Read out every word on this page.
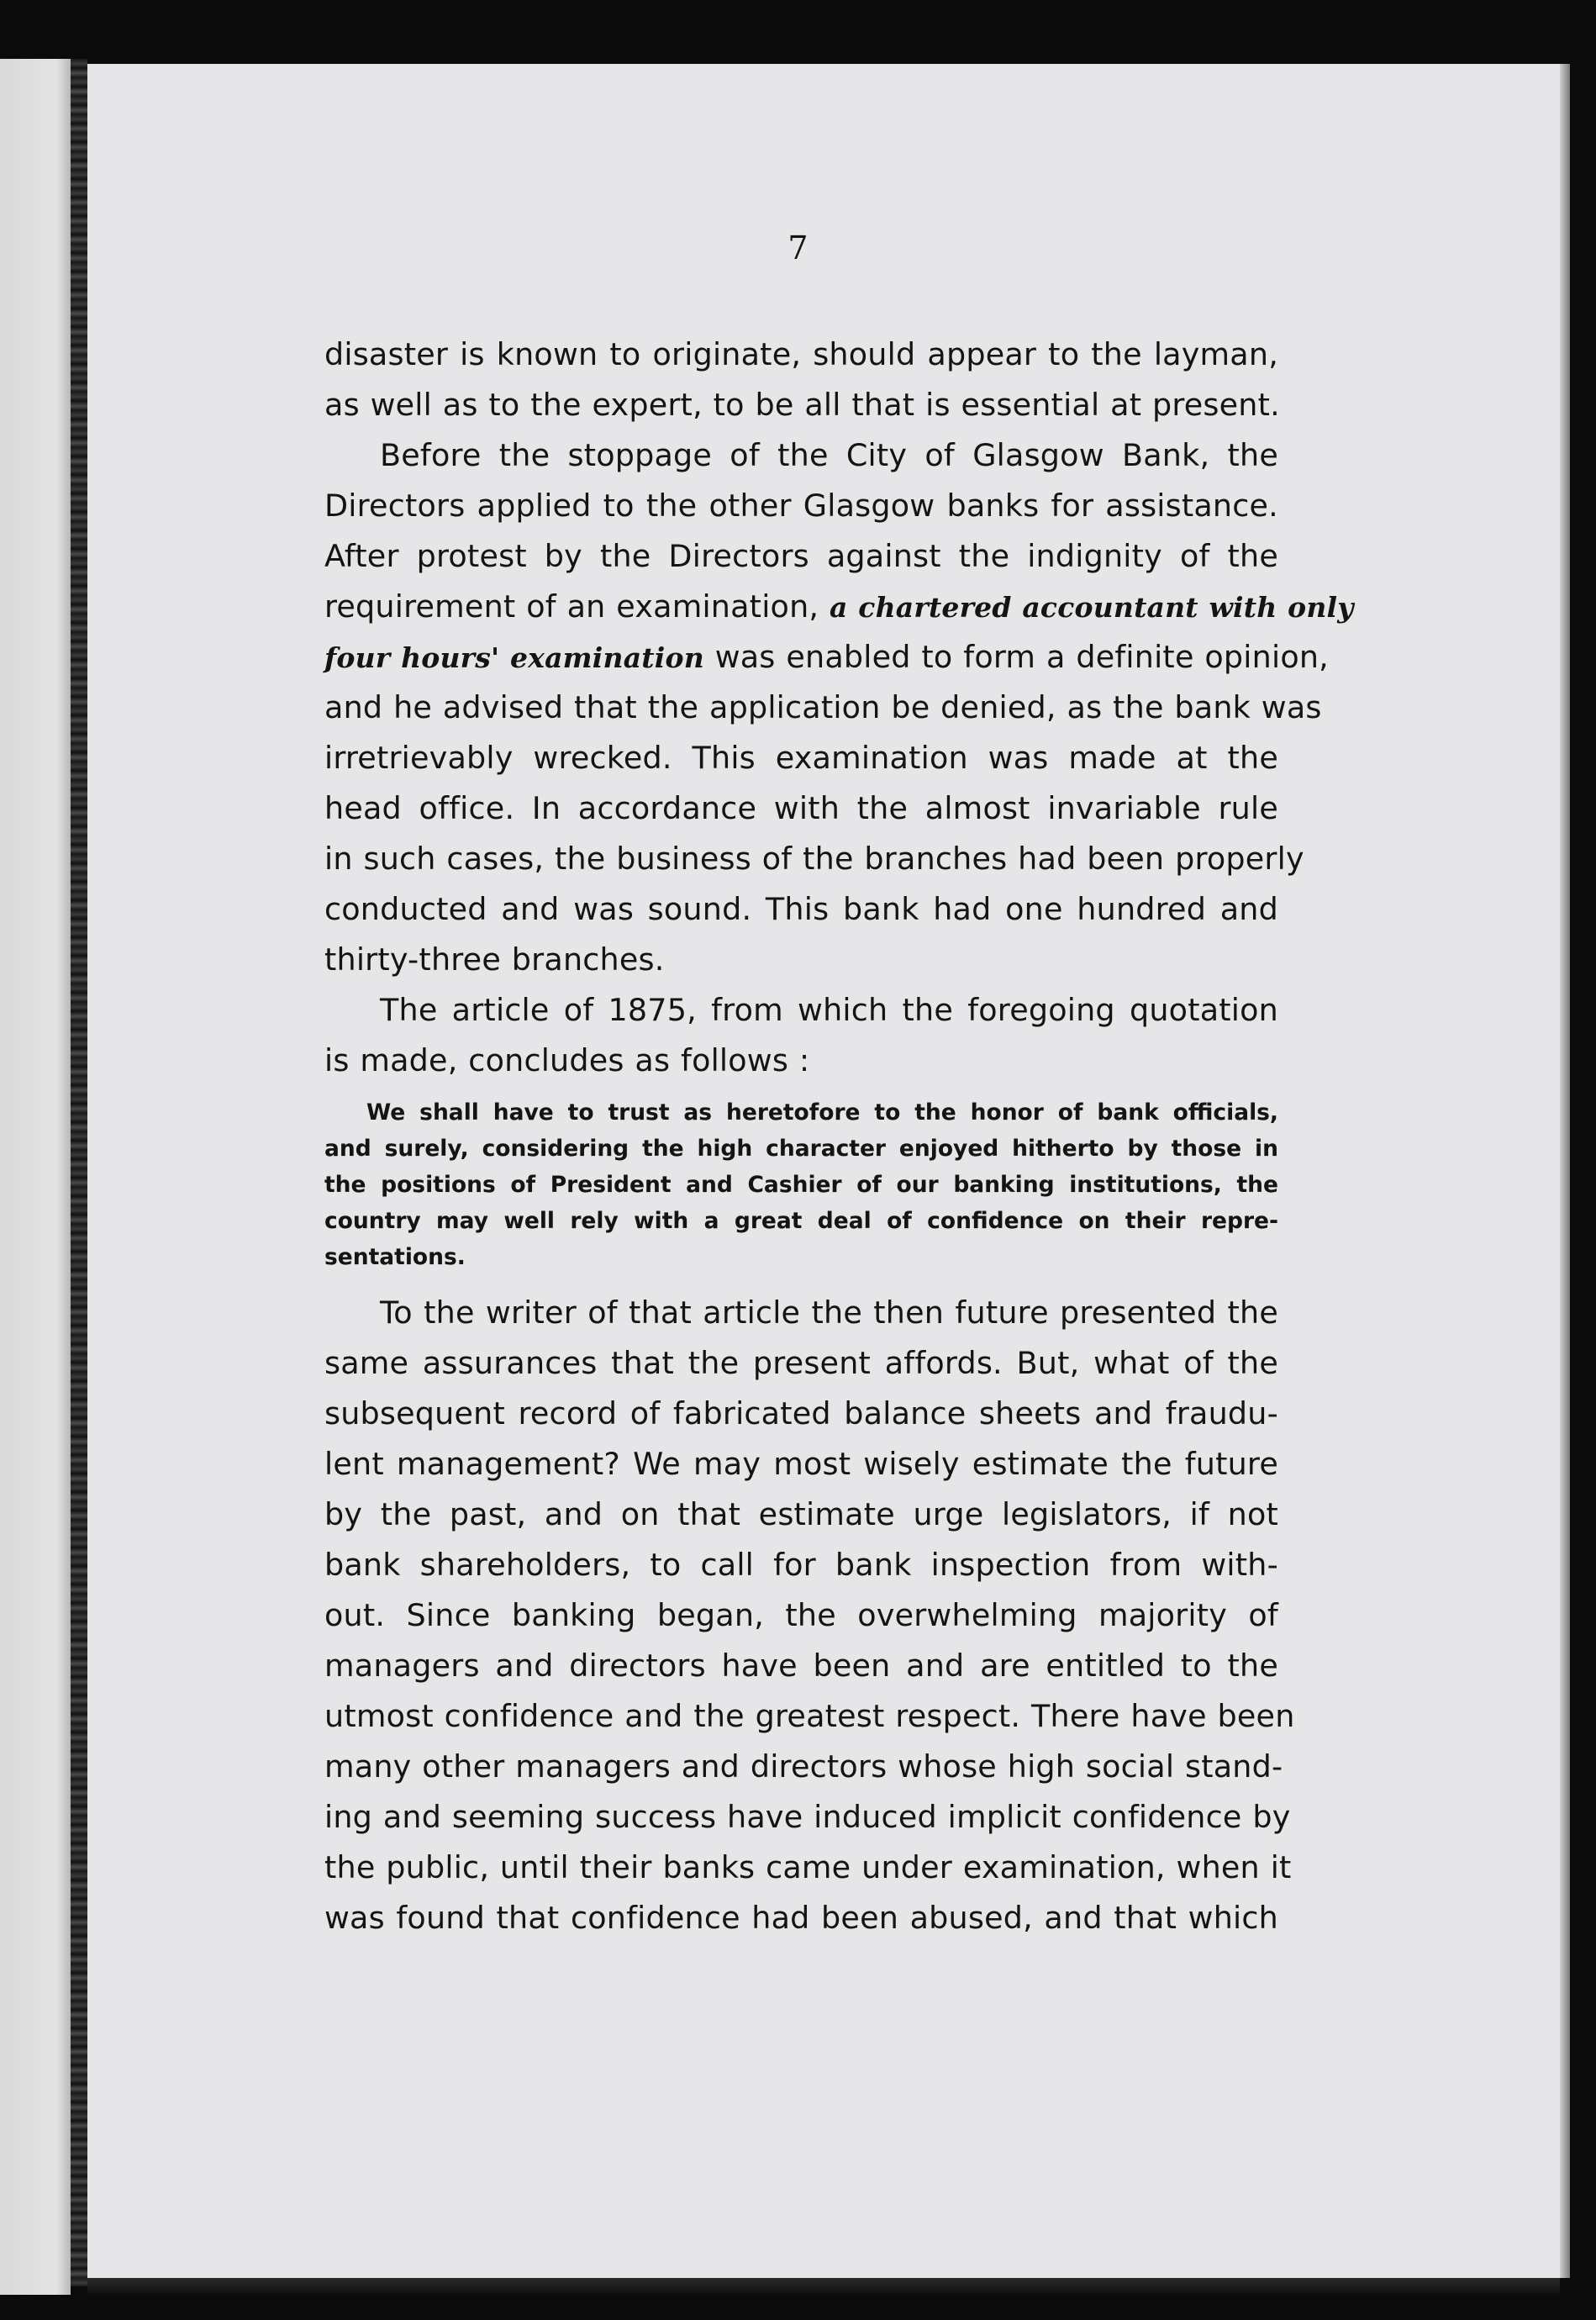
7
disaster is known to originate, should appear to the layman,
as well as to the expert, to be all that is essential at present.
Before the stoppage of the City of Glasgow Bank, the
Directors applied to the other Glasgow banks for assistance.
After protest by the Directors against the indignity of the
requirement of an examination, a chartered accountant with only
four hours' examination was enabled to form a definite opinion,
and he advised that the application be denied, as the bank was
irretrievably wrecked. This examination was made at the
head office. In accordance with the almost invariable rule
in such cases, the business of the branches had been properly
conducted and was sound. This bank had one hundred and
thirty-three branches.
The article of 1875, from which the foregoing quotation
is made, concludes as follows :
We shall have to trust as heretofore to the honor of bank officials,
and surely, considering the high character enjoyed hitherto by those in
the positions of President and Cashier of our banking institutions, the
country may well rely with a great deal of confidence on their repre-
sentations.
To the writer of that article the then future presented the
same assurances that the present affords. But, what of the
subsequent record of fabricated balance sheets and fraudu-
lent management? We may most wisely estimate the future
by the past, and on that estimate urge legislators, if not
bank shareholders, to call for bank inspection from with-
out. Since banking began, the overwhelming majority of
managers and directors have been and are entitled to the
utmost confidence and the greatest respect. There have been
many other managers and directors whose high social stand-
ing and seeming success have induced implicit confidence by
the public, until their banks came under examination, when it
was found that confidence had been abused, and that which
